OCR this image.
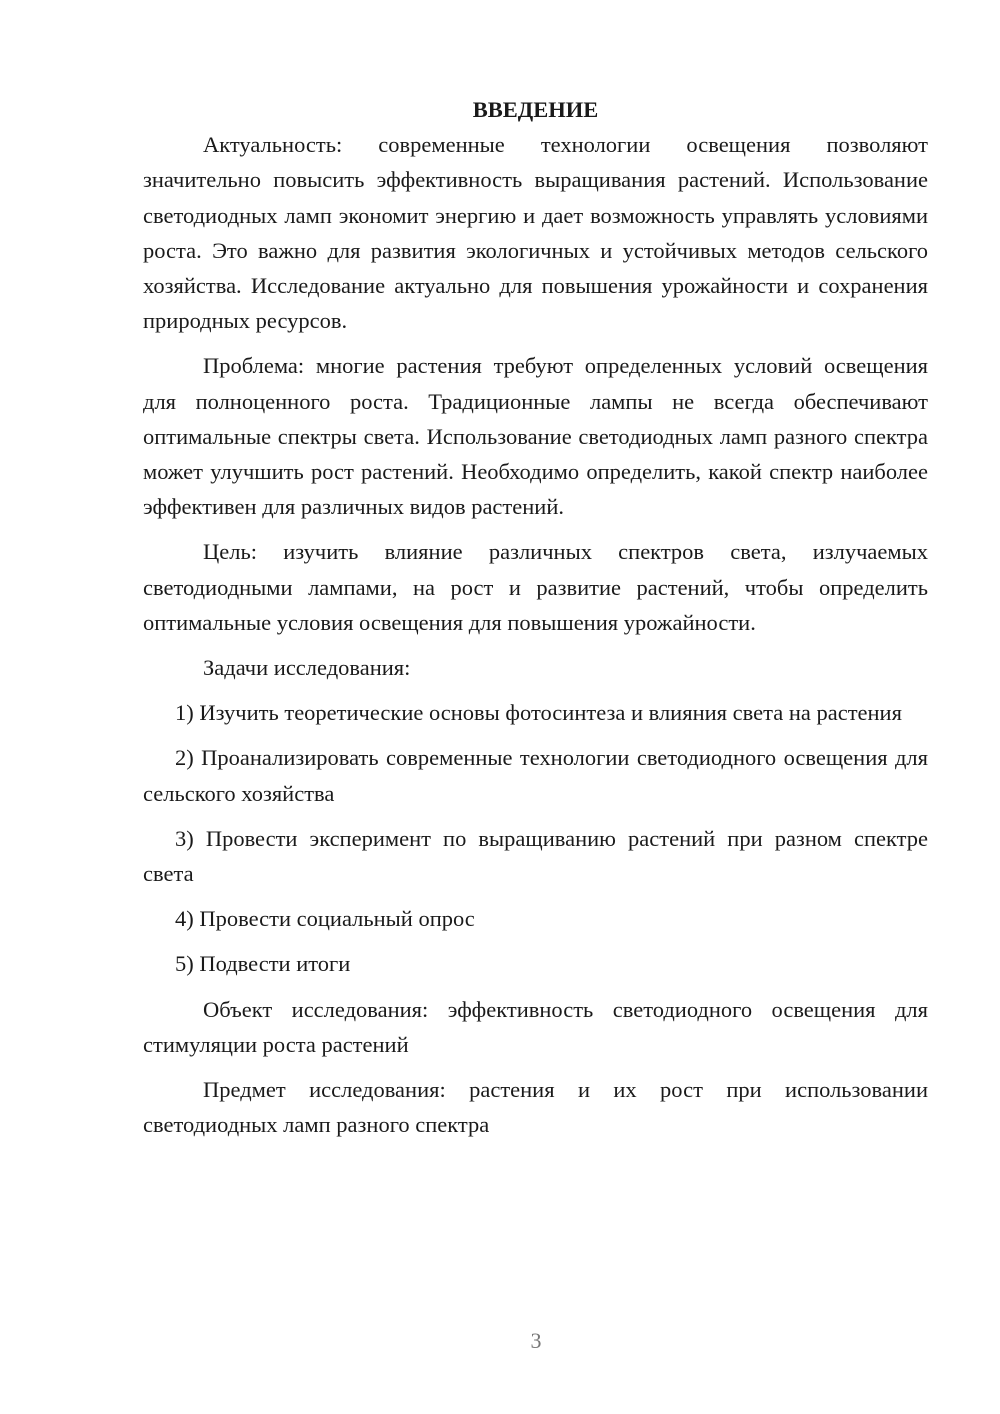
ВВЕДЕНИЕ

Актуальность: современные технологии освещения позволяют значительно повысить эффективность выращивания растений. Использование светодиодных ламп экономит энергию и дает возможность управлять условиями роста. Это важно для развития экологичных и устойчивых методов сельского хозяйства. Исследование актуально для повышения урожайности и сохранения природных ресурсов.

Проблема: многие растения требуют определенных условий освещения для полноценного роста. Традиционные лампы не всегда обеспечивают оптимальные спектры света. Использование светодиодных ламп разного спектра может улучшить рост растений. Необходимо определить, какой спектр наиболее эффективен для различных видов растений.

Цель: изучить влияние различных спектров света, излучаемых светодиодными лампами, на рост и развитие растений, чтобы определить оптимальные условия освещения для повышения урожайности.

Задачи исследования:

1) Изучить теоретические основы фотосинтеза и влияния света на растения

2) Проанализировать современные технологии светодиодного освещения для сельского хозяйства

3) Провести эксперимент по выращиванию растений при разном спектре света

4) Провести социальный опрос

5) Подвести итоги

Объект исследования: эффективность светодиодного освещения для стимуляции роста растений

Предмет исследования: растения и их рост при использовании светодиодных ламп разного спектра

3
